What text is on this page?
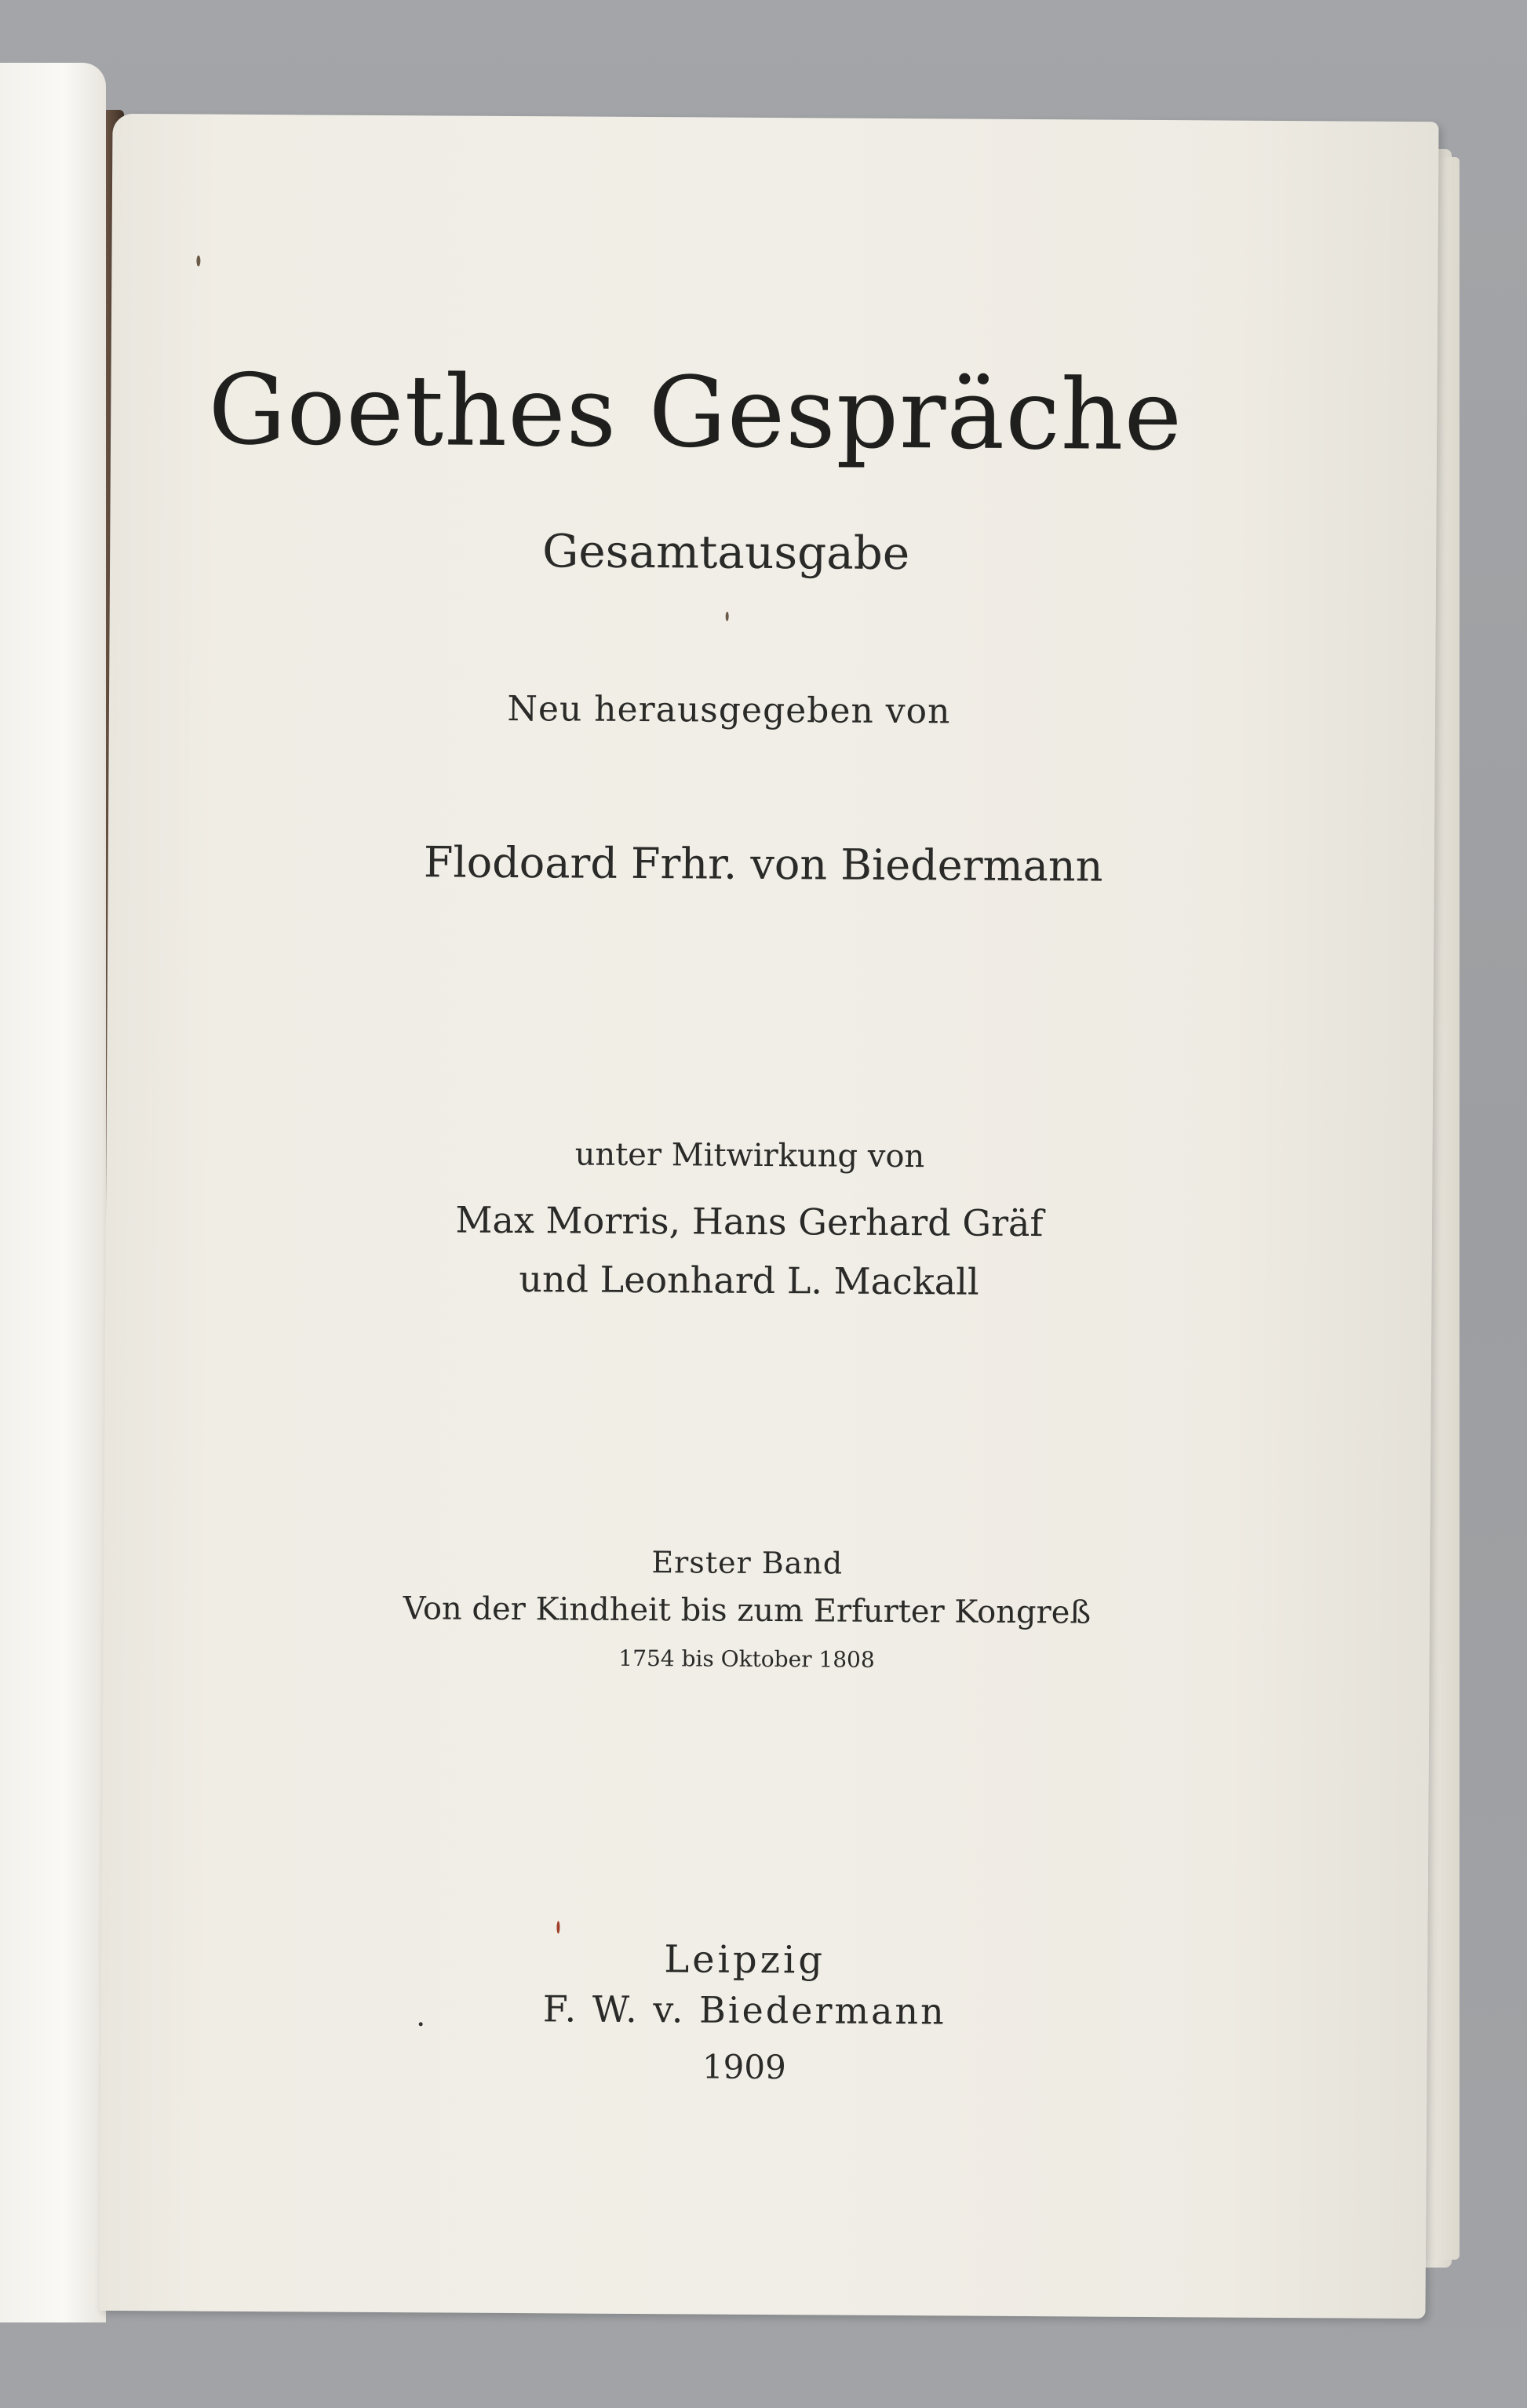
Goethes Gespräche
Gesamtausgabe
Neu herausgegeben von
Flodoard Frhr. von Biedermann
unter Mitwirkung von
Max Morris, Hans Gerhard Gräf
und Leonhard L. Mackall
Erster Band
Von der Kindheit bis zum Erfurter Kongreß
1754 bis Oktober 1808
Leipzig
F. W. v. Biedermann
1909
